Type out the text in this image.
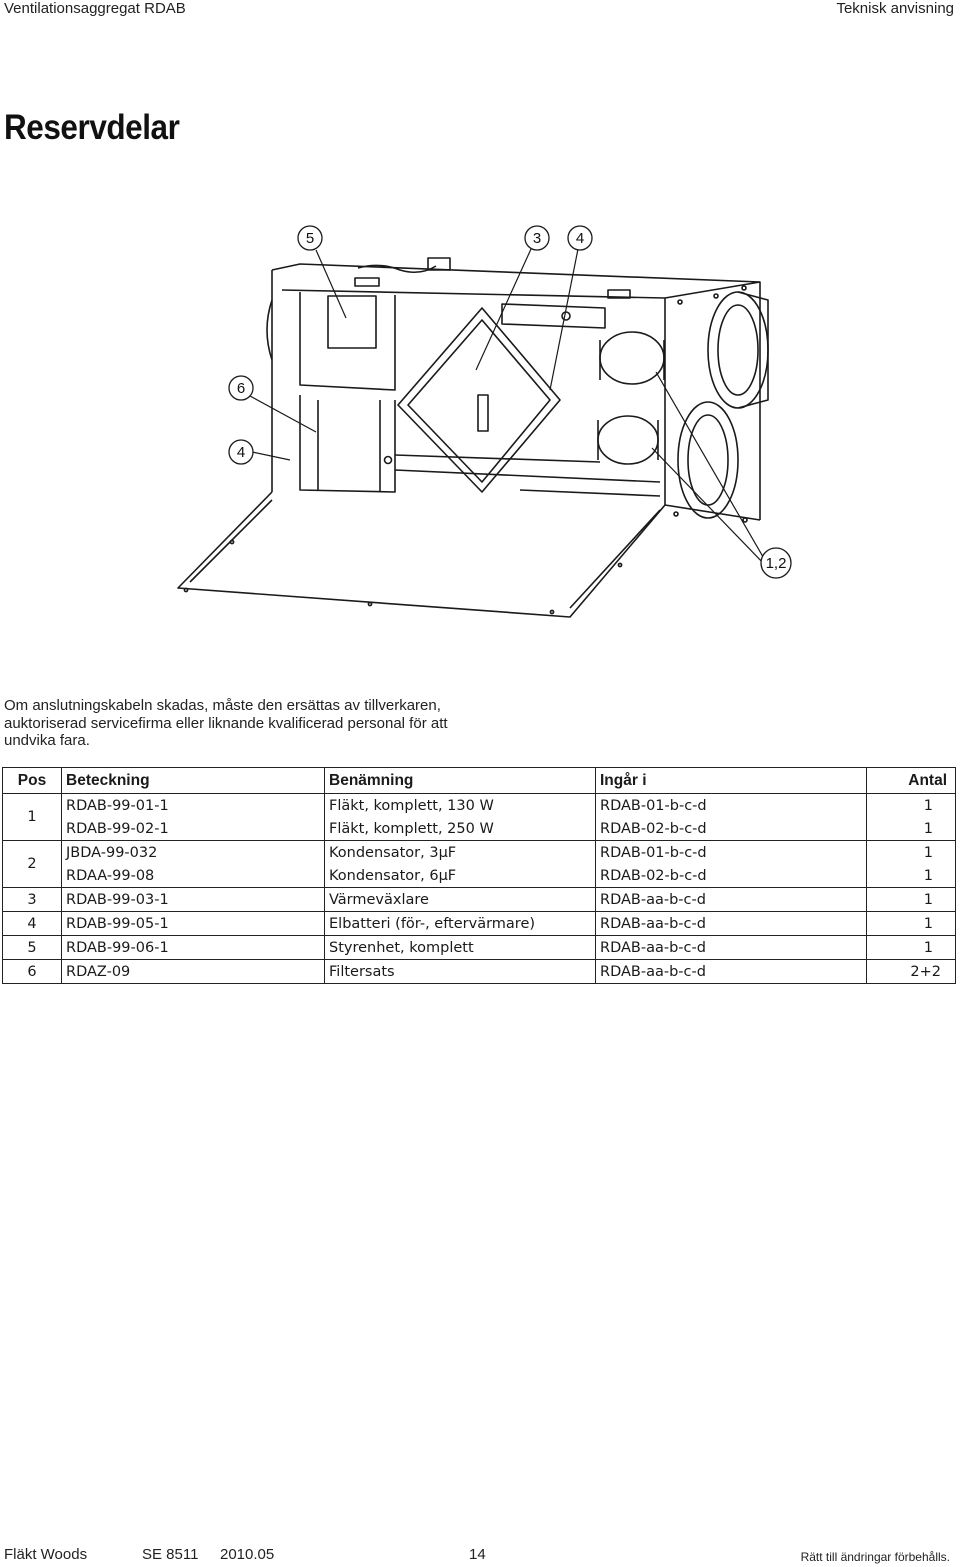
Ventilationsaggregat RDAB	Teknisk anvisning
Reservdelar
5	3 4
6
4
1,2
Om anslutningskabeln skadas, måste den ersättas av tillverkaren, auktoriserad servicefirma eller liknande kvalificerad personal för att undvika fara.
Pos	Beteckning	Benämning	Ingår i	Antal
1	RDAB-99-01-1	Fläkt, komplett, 130 W	RDAB-01-b-c-d	1
	RDAB-99-02-1	Fläkt, komplett, 250 W	RDAB-02-b-c-d	1
2	JBDA-99-032	Kondensator, 3μF	RDAB-01-b-c-d	1
	RDAA-99-08	Kondensator, 6μF	RDAB-02-b-c-d	1
3	RDAB-99-03-1	Värmeväxlare	RDAB-aa-b-c-d	1
4	RDAB-99-05-1	Elbatteri (för-, eftervärmare)	RDAB-aa-b-c-d	1
5	RDAB-99-06-1	Styrenhet, komplett	RDAB-aa-b-c-d	1
6	RDAZ-09	Filtersats	RDAB-aa-b-c-d	2+2
Fläkt Woods	SE 8511 2010.05	14	Rätt till ändringar förbehålls.
